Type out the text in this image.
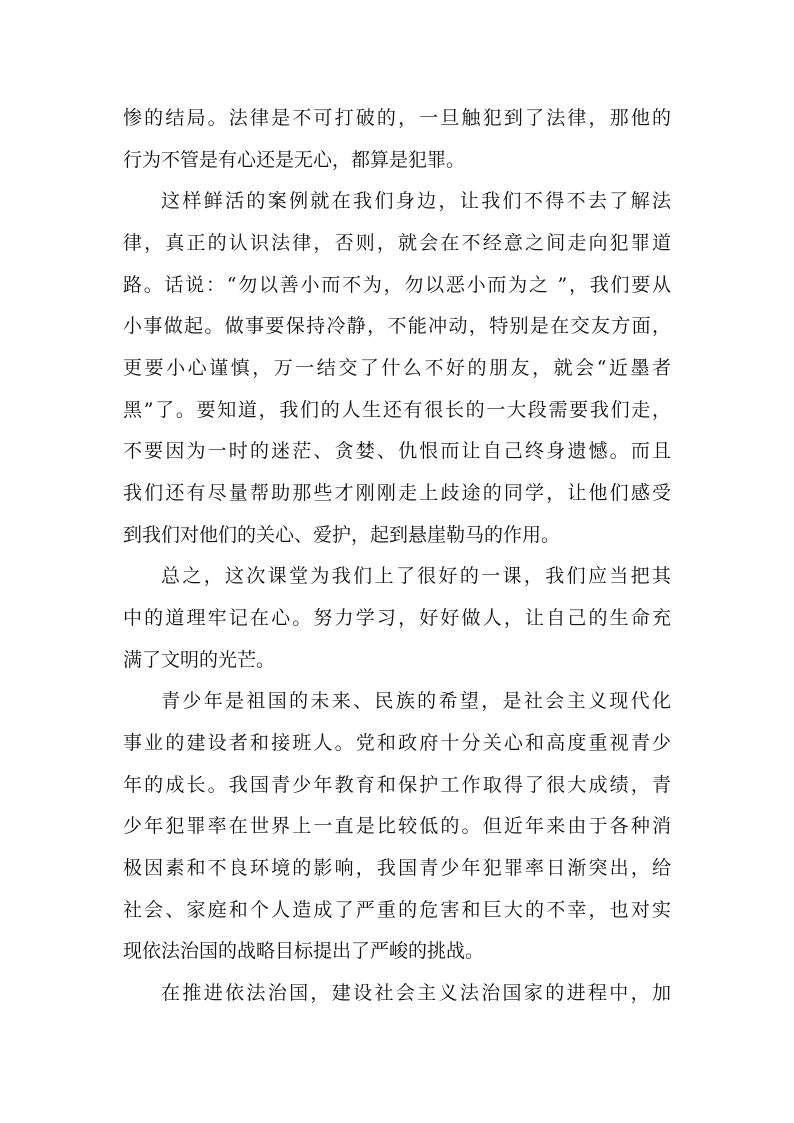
惨的结局。法律是不可打破的，一旦触犯到了法律，那他的
行为不管是有心还是无心，都算是犯罪。
这样鲜活的案例就在我们身边，让我们不得不去了解法
律，真正的认识法律，否则，就会在不经意之间走向犯罪道
路。话说：“勿以善小而不为，勿以恶小而为之 ”，我们要从
小事做起。做事要保持冷静，不能冲动，特别是在交友方面，
更要小心谨慎，万一结交了什么不好的朋友，就会“近墨者
黑”了。要知道，我们的人生还有很长的一大段需要我们走，
不要因为一时的迷茫、贪婪、仇恨而让自己终身遗憾。而且
我们还有尽量帮助那些才刚刚走上歧途的同学，让他们感受
到我们对他们的关心、爱护，起到悬崖勒马的作用。
总之，这次课堂为我们上了很好的一课，我们应当把其
中的道理牢记在心。努力学习，好好做人，让自己的生命充
满了文明的光芒。
青少年是祖国的未来、民族的希望，是社会主义现代化
事业的建设者和接班人。党和政府十分关心和高度重视青少
年的成长。我国青少年教育和保护工作取得了很大成绩，青
少年犯罪率在世界上一直是比较低的。但近年来由于各种消
极因素和不良环境的影响，我国青少年犯罪率日渐突出，给
社会、家庭和个人造成了严重的危害和巨大的不幸，也对实
现依法治国的战略目标提出了严峻的挑战。
在推进依法治国，建设社会主义法治国家的进程中，加
